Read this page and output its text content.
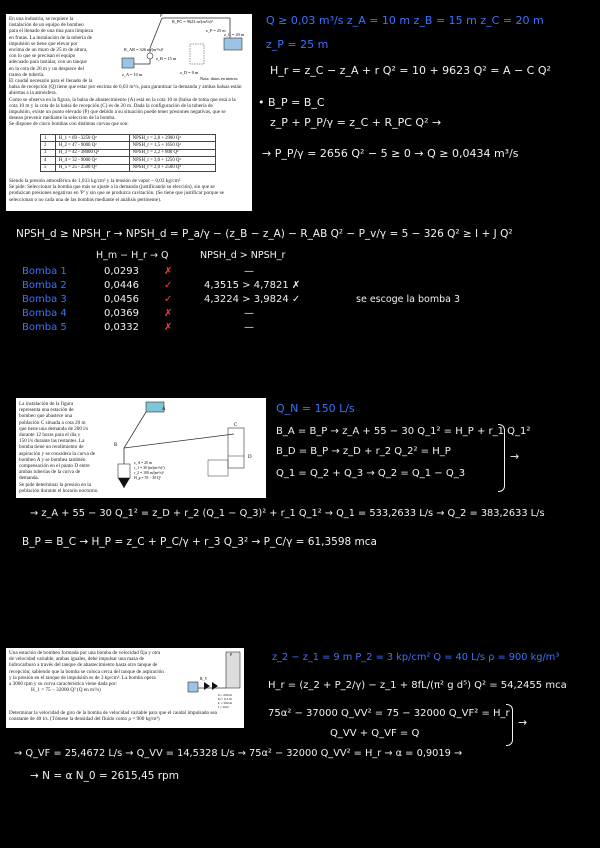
En una industria, se requiere la
instalación de un equipo de bombeo
para el llenado de una tina para limpieza
en frutas. La instalación de la tubería de
impulsión se tiene que elevar por
encima de un muro de 25 m de altura,
con lo que se precisan el equipo
adecuado para instalar, con un tanque
en la cota de 20 m y un despiece del
tramo de tubería.
R_PC = 9623 m/(m³/s)²
P
z_P = 25 m
z_C = 20 m
R_AB = 326 m/(m³/s)²
z_B = 15 m
z_A = 10 m	z_D = 0 m
Nota: datos en metros
El caudal necesario para el llenado de la
balsa de recepción (Q) tiene que estar por encima de 0,03 m³/s, para garantizar la demanda y ambas balsas están
abiertas a la atmósfera.
Como se observa en la figura, la balsa de abastecimiento (A) está en la cota 10 m (balsa de toma que está a la
cota 10 m y la cota de la balsa de recepción (C) es de 20 m. Dada la configuración de la tubería de
impulsión, existe un punto elevado (P) que debido a su situación puede tener presiones negativas, que se
desean prevenir mediante la selección de la bomba.
Se dispone de cinco bombas con distintas curvas que son:
1	H_1 = 69 - 3250 Q²	NPSH_r = 2,8 + 2900 Q²
2	H_2 = 47 - 9000 Q²	NPSH_r = 1,5 + 1650 Q²
3	H_3 = 42 - 38000 Q²	NPSH_r = 2,2 + 800 Q²
4	H_4 = 32 - 9000 Q²	NPSH_r = 3,0 + 1250 Q²
5	H_5 = 25 - 2500 Q²	NPSH_r = 2,0 + 2500 Q²
Siendo la presión atmosférica de 1,033 kg/cm² y la tensión de vapor ~ 0,03 kg/cm²
Se pide: Seleccionar la bomba que más se ajuste a la demanda (justificando su elección), sin que se
produzcan presiones negativas en 'P' y sin que se produzca cavitación. (Se tiene que justificar porque se
seleccionan o no cada una de las bombas mediante el análisis pertinente).
Q ≥ 0,03 m³/s z_A = 10 m z_B = 15 m z_C = 20 m
z_P = 25 m
H_r = z_C − z_A + r Q² = 10 + 9623 Q² = A − C Q²
• B_P = B_C
z_P + P_P/γ = z_C + R_PC Q² →
→ P_P/γ = 2656 Q² − 5 ≥ 0 → Q ≥ 0,0434 m³/s
NPSH_d ≥ NPSH_r → NPSH_d = P_a/γ − (z_B − z_A) − R_AB Q² − P_v/γ = 5 − 326 Q² ≥ I + J Q²
H_m − H_r → Q	NPSH_d > NPSH_r
Bomba 1	0,0293	✗	—
Bomba 2	0,0446	✓	4,3515 > 4,7821 ✗
Bomba 3	0,0456	✓	4,3224 > 3,9824 ✓
Bomba 4	0,0369	✗	—
Bomba 5	0,0332	✗	—
se escoge la bomba 3
La instalación de la figura
representa una estación de
bombeo que abastece una
población C situada a cota 20 m
que tiene una demanda de 200 l/s
durante 12 horas para el día y
150 l/s durante las restantes. La
bomba tiene un rendimiento de
aspiración y se considera la curva de
bombeo A y se bombea también
compensación en el punto D entre
ambas tuberías de la curva de
demanda.
Se pide determinar la presión en la
población durante el horario nocturno.
A
B
C
D
z_A = 20 m
r_1 = 30 (m/(m³/s)²)
r_2 = 100 m/(m³/s)²
H_p = 55 − 30 Q²
Q_N = 150 L/s
B_A = B_P → z_A + 55 − 30 Q_1² = H_P + r_1 Q_1²
B_D = B_P → z_D + r_2 Q_2² = H_P
Q_1 = Q_2 + Q_3 → Q_2 = Q_1 − Q_3
→
→ z_A + 55 − 30 Q_1² = z_D + r_2 (Q_1 − Q_3)² + r_1 Q_1² → Q_1 = 533,2633 L/s → Q_2 = 383,2633 L/s
B_P = B_C → H_P = z_C + P_C/γ + r_3 Q_3² → P_C/γ = 61,3598 mca
Una estación de bombeo formada por una bomba de velocidad fija y otra
de velocidad variable, ambas iguales, debe impulsar una masa de
hidrocarburo a través del tanque de abastecimiento hasta otro tanque de
recepción; sabiendo que la bomba se coloca cerca del tanque de aspiración
y la presión en el tanque de impulsión es de 3 kp/cm². La bomba opera
a 3000 rpm y su curva característica viene dada por:
H_1 = 75 − 32000 Q² (Q en m³/s)
Determinar la velocidad de giro de la bomba de velocidad variable para que el caudal impulsado sea
constante de 40 l/s. (Tómese la densidad del fluido como ρ = 900 kg/m³)
P
R_V
h = 200 m
D = 0,3 m
L = 500 m
f = 0,02
z_2 − z_1 = 9 m P_2 = 3 kp/cm² Q = 40 L/s ρ = 900 kg/m³
H_r = (z_2 + P_2/γ) − z_1 + 8fL/(π² g d⁵) Q² = 54,2455 mca
75α² − 37000 Q_VV² = 75 − 32000 Q_VF² = H_r
Q_VV + Q_VF = Q
→
→ Q_VF = 25,4672 L/s → Q_VV = 14,5328 L/s → 75α² − 32000 Q_VV² = H_r → α = 0,9019 →
→ N = α N_0 = 2615,45 rpm
